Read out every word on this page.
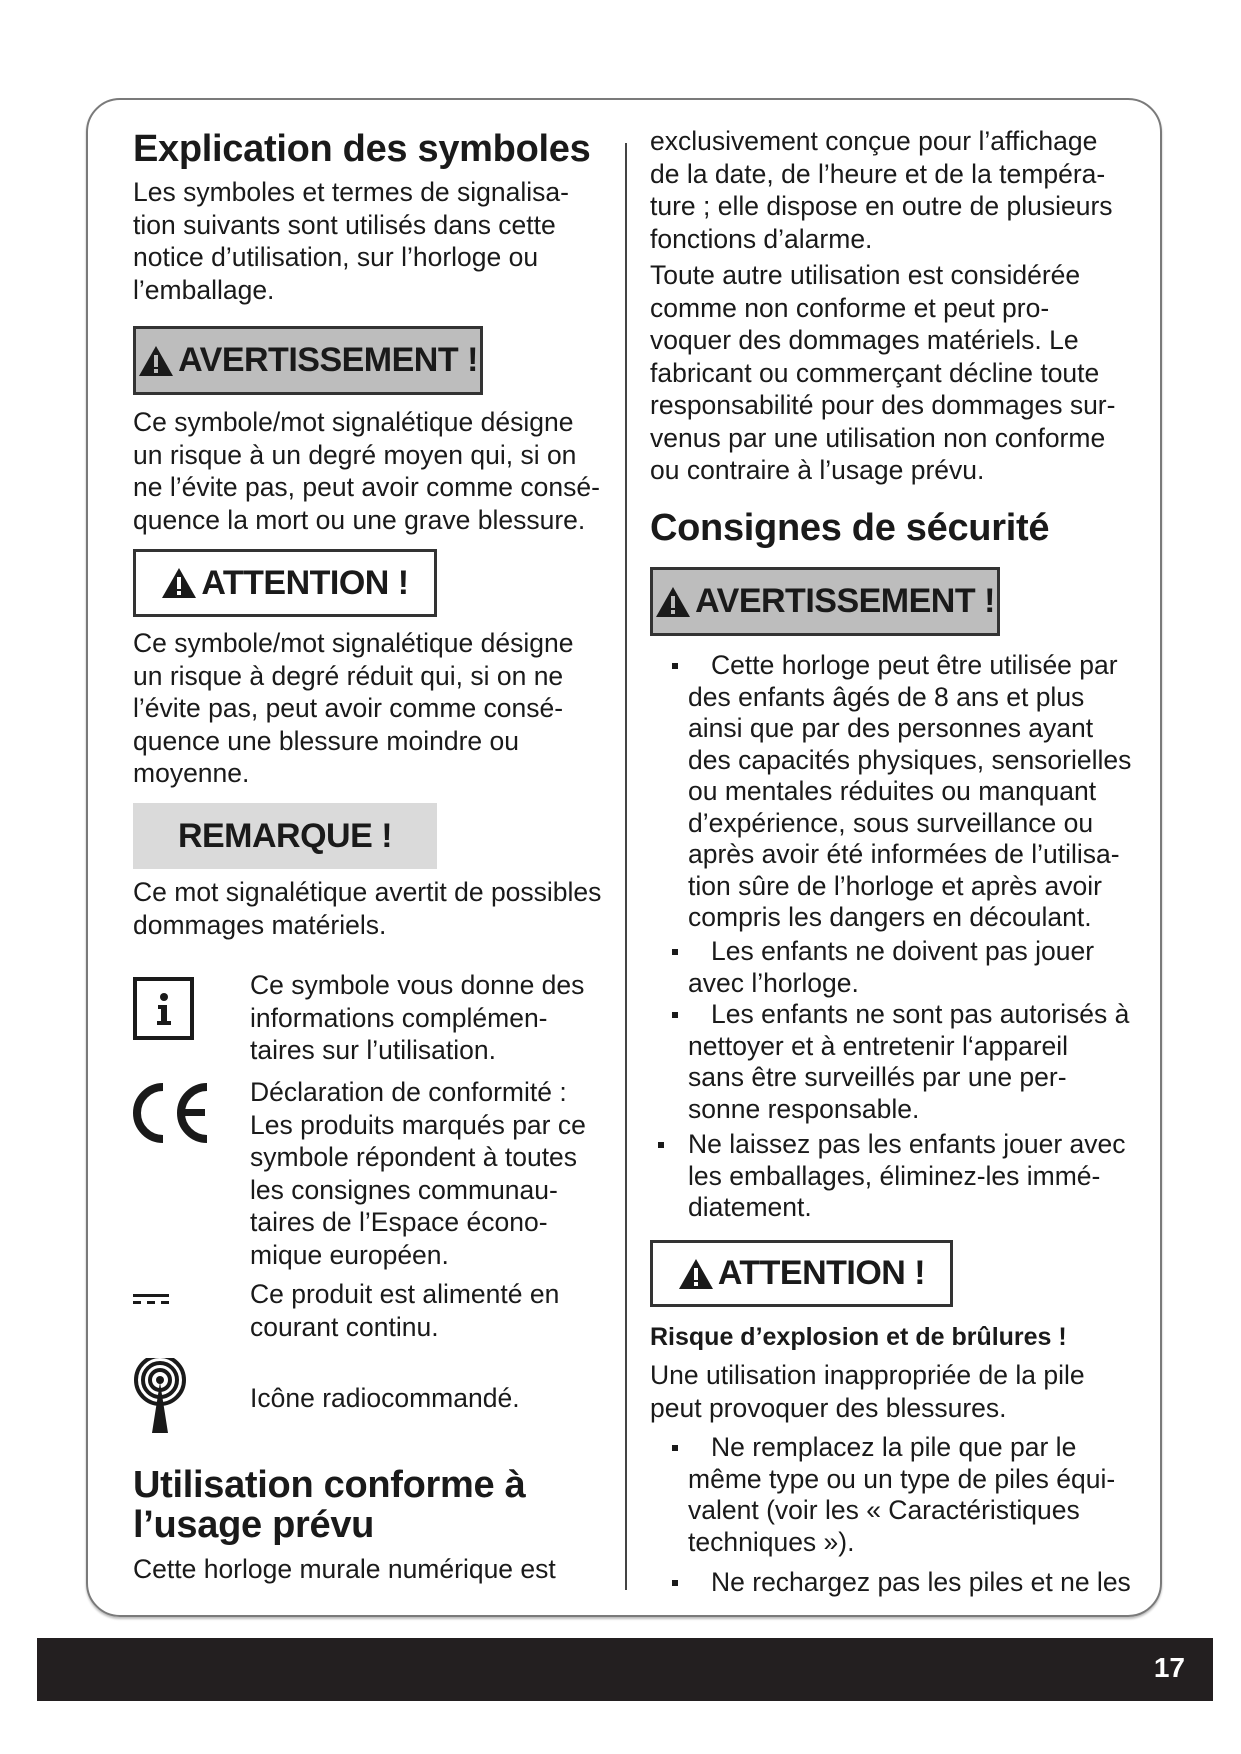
Explication des symboles
Les symboles et termes de signalisa-
tion suivants sont utilisés dans cette
notice d’utilisation, sur l’horloge ou
l’emballage.
AVERTISSEMENT !
Ce symbole/mot signalétique désigne
un risque à un degré moyen qui, si on
ne l’évite pas, peut avoir comme consé-
quence la mort ou une grave blessure.
ATTENTION !
Ce symbole/mot signalétique désigne
un risque à degré réduit qui, si on ne
l’évite pas, peut avoir comme consé-
quence une blessure moindre ou
moyenne.
REMARQUE !
Ce mot signalétique avertit de possibles
dommages matériels.
Ce symbole vous donne des
informations complémen-
taires sur l’utilisation.
Déclaration de conformité :
Les produits marqués par ce
symbole répondent à toutes
les consignes communau-
taires de l’Espace écono-
mique européen.
Ce produit est alimenté en
courant continu.
Icône radiocommandé.
Utilisation conforme à
l’usage prévu
Cette horloge murale numérique est
exclusivement conçue pour l’affichage
de la date, de l’heure et de la tempéra-
ture ; elle dispose en outre de plusieurs
fonctions d’alarme.
Toute autre utilisation est considérée
comme non conforme et peut pro-
voquer des dommages matériels. Le
fabricant ou commerçant décline toute
responsabilité pour des dommages sur-
venus par une utilisation non conforme
ou contraire à l’usage prévu.
Consignes de sécurité
AVERTISSEMENT !
Cette horloge peut être utilisée par
des enfants âgés de 8 ans et plus
ainsi que par des personnes ayant
des capacités physiques, sensorielles
ou mentales réduites ou manquant
d’expérience, sous surveillance ou
après avoir été informées de l’utilisa-
tion sûre de l’horloge et après avoir
compris les dangers en découlant.
Les enfants ne doivent pas jouer
avec l’horloge.
Les enfants ne sont pas autorisés à
nettoyer et à entretenir l‘appareil
sans être surveillés par une per-
sonne responsable.
Ne laissez pas les enfants jouer avec
les emballages, éliminez-les immé-
diatement.
ATTENTION !
Risque d’explosion et de brûlures !
Une utilisation inappropriée de la pile
peut provoquer des blessures.
Ne remplacez la pile que par le
même type ou un type de piles équi-
valent (voir les « Caractéristiques
techniques »).
Ne rechargez pas les piles et ne les
17
